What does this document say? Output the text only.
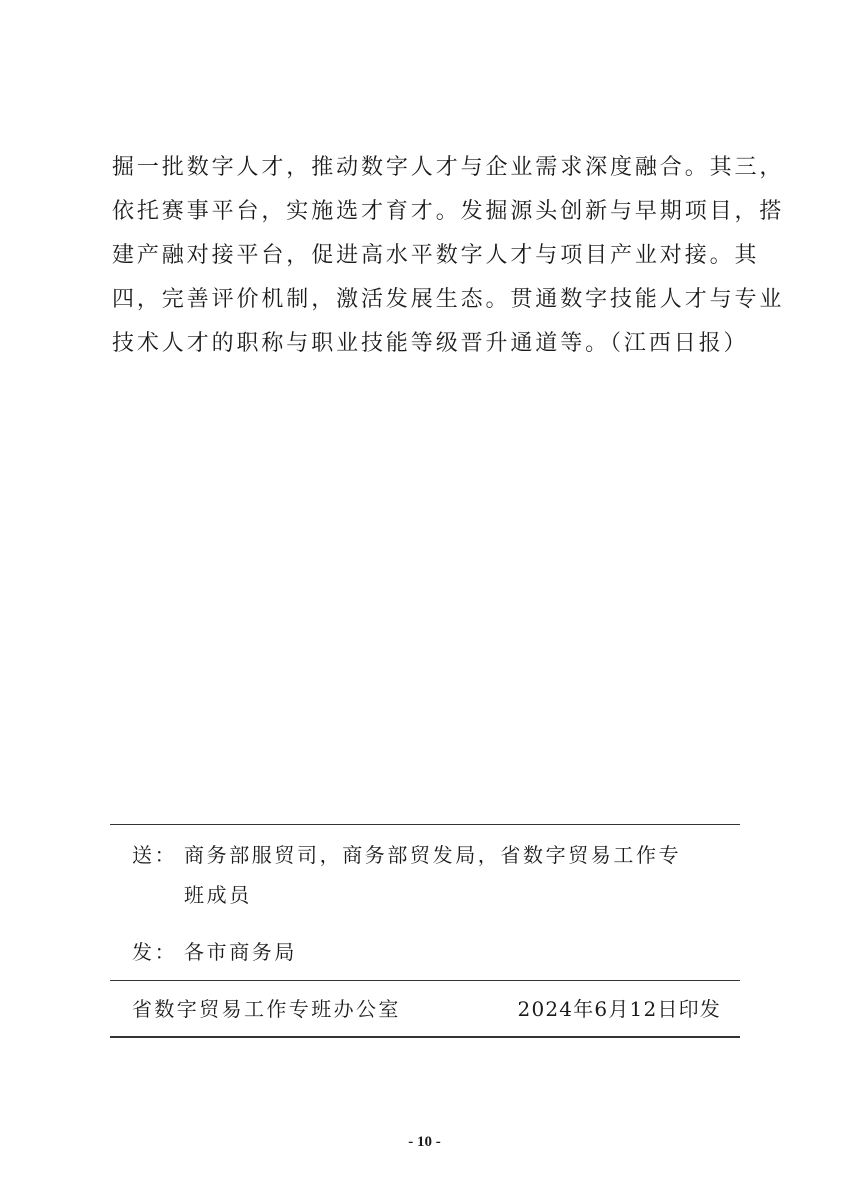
掘一批数字人才，推动数字人才与企业需求深度融合。其三，
依托赛事平台，实施选才育才。发掘源头创新与早期项目，搭
建产融对接平台，促进高水平数字人才与项目产业对接。其
四，完善评价机制，激活发展生态。贯通数字技能人才与专业
技术人才的职称与职业技能等级晋升通道等。（江西日报）
送： 商务部服贸司，商务部贸发局，省数字贸易工作专
班成员
发： 各市商务局
省数字贸易工作专班办公室	2024年6月12日印发
- 10 -
